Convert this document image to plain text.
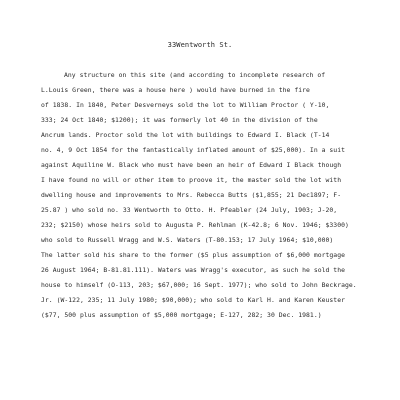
33Wentworth St.
Any structure on this site (and according to incomplete research of
L.Louis Green, there was a house here ) would have burned in the fire
of 1838. In 1840, Peter Desverneys sold the lot to William Proctor ( Y-10,
333; 24 Oct 1840; $1200); it was formerly lot 40 in the division of the
Ancrum lands. Proctor sold the lot with buildings to Edward I. Black (T-14
no. 4, 9 Oct 1854 for the fantastically inflated amount of $25,000). In a suit
against Aquiline W. Black who must have been an heir of Edward I Black though
I have found no will or other item to proove it, the master sold the lot with
dwelling house and improvements to Mrs. Rebecca Butts ($1,855; 21 Dec1897; F-
25.87 ) who sold no. 33 Wentworth to Otto. H. Pfeabler (24 July, 1903; J-20,
232; $2150) whose heirs sold to Augusta P. Rehlman (K-42.8; 6 Nov. 1946; $3300)
who sold to Russell Wragg and W.S. Waters (T-80.153; 17 July 1964; $10,000)
The latter sold his share to the former ($5 plus assumption of $6,000 mortgage
26 August 1964; B-81.81.111). Waters was Wragg's executor, as such he sold the
house to himself (O-113, 203; $67,000; 16 Sept. 1977); who sold to John Beckrage.
Jr. (W-122, 235; 11 July 1980; $90,000); who sold to Karl H. and Karen Keuster
($77, 500 plus assumption of $5,000 mortgage; E-127, 282; 30 Dec. 1981.)
